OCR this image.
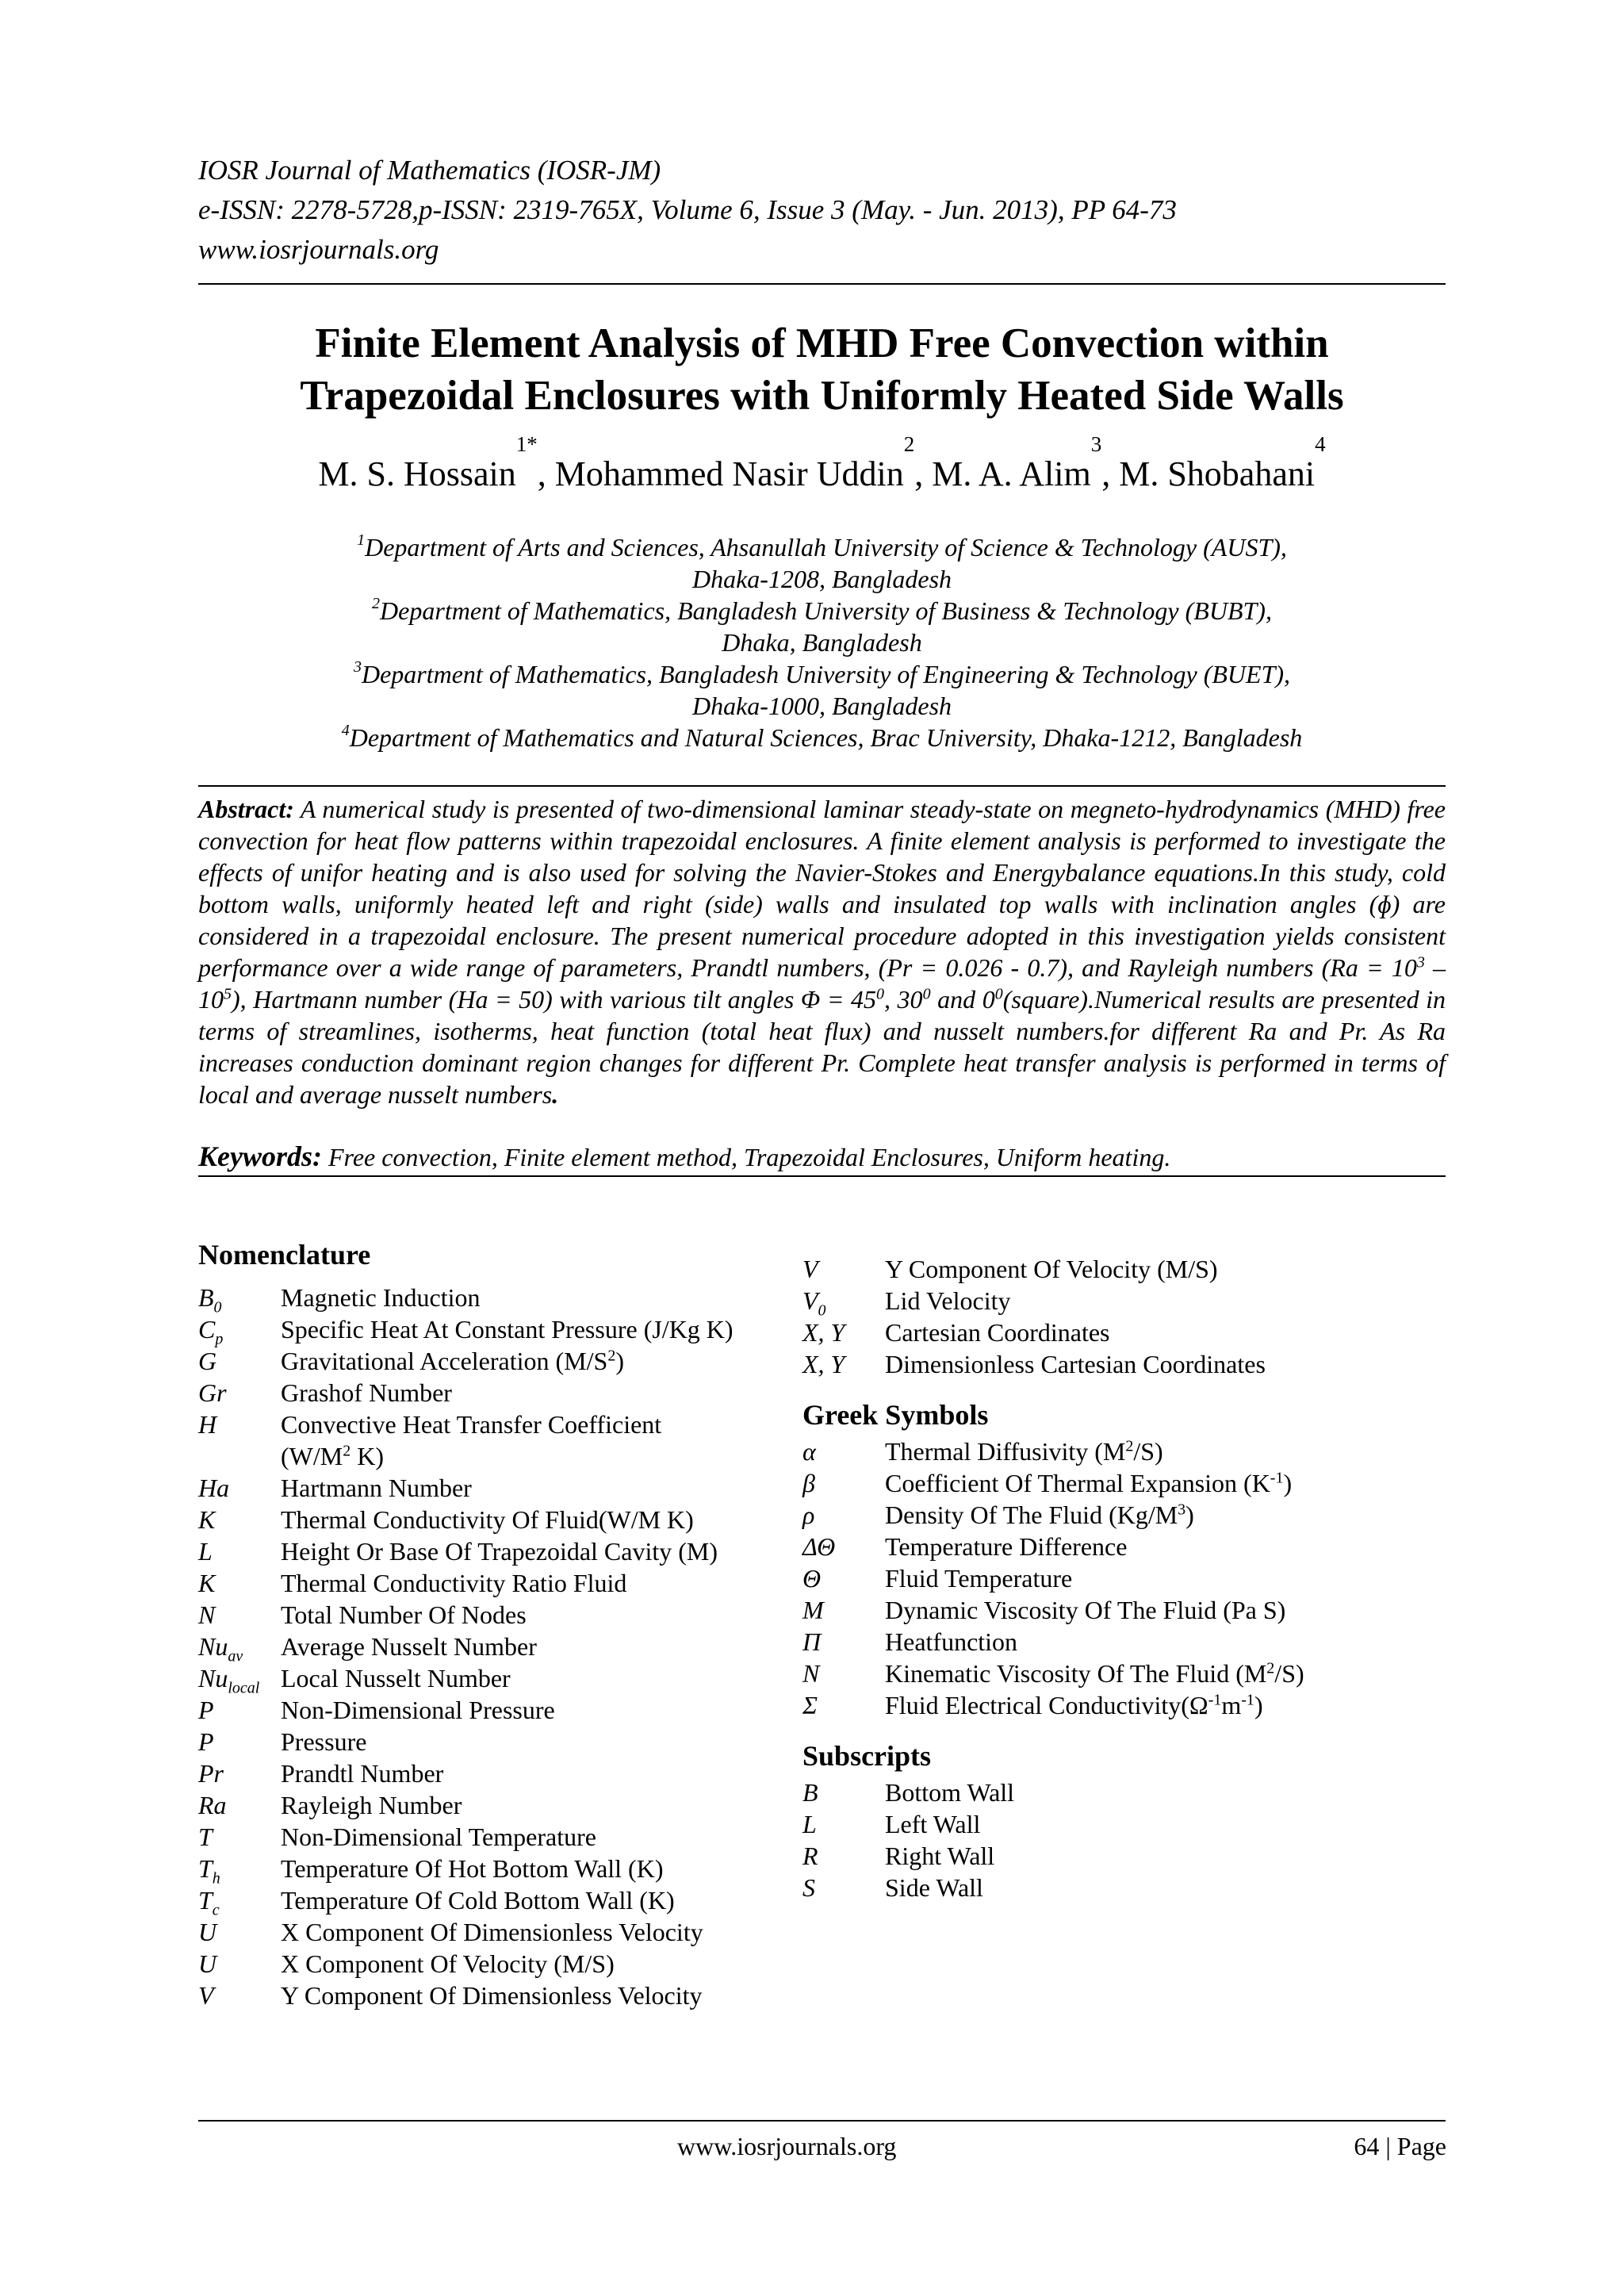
IOSR Journal of Mathematics (IOSR-JM)
e-ISSN: 2278-5728,p-ISSN: 2319-765X, Volume 6, Issue 3 (May. - Jun. 2013), PP 64-73
www.iosrjournals.org
Finite Element Analysis of MHD Free Convection within
Trapezoidal Enclosures with Uniformly Heated Side Walls
M. S. Hossain$^{1*}$, Mohammed Nasir Uddin$^2$, M. A. Alim$^3$, M. Shobahani$^4$
$^1$Department of Arts and Sciences, Ahsanullah University of Science & Technology (AUST),
Dhaka-1208, Bangladesh
$^2$Department of Mathematics, Bangladesh University of Business & Technology (BUBT),
Dhaka, Bangladesh
$^3$Department of Mathematics, Bangladesh University of Engineering & Technology (BUET),
Dhaka-1000, Bangladesh
$^4$Department of Mathematics and Natural Sciences, Brac University, Dhaka-1212, Bangladesh
Abstract: A numerical study is presented of two-dimensional laminar steady-state on megneto-hydrodynamics (MHD) free convection for heat flow patterns within trapezoidal enclosures. A finite element analysis is performed to investigate the effects of unifor heating and is also used for solving the Navier-Stokes and Energybalance equations.In this study, cold bottom walls, uniformly heated left and right (side) walls and insulated top walls with inclination angles (ɸ) are considered in a trapezoidal enclosure. The present numerical procedure adopted in this investigation yields consistent performance over a wide range of parameters, Prandtl numbers, (Pr = 0.026 - 0.7), and Rayleigh numbers $(Ra = 10^3 - 10^5)$, Hartmann number (Ha = 50) with various tilt angles $\Phi = 45^0$, $30^0$ and $0^0(square).Numerical$ results are presented in terms of streamlines, isotherms, heat function (total heat flux) and nusselt numbers.for different Ra and Pr. As Ra increases conduction dominant region changes for different Pr. Complete heat transfer analysis is performed in terms of local and average nusselt numbers.
Keywords: Free convection, Finite element method, Trapezoidal Enclosures, Uniform heating.
Nomenclature
$B_0$ Magnetic Induction
$C_p$ Specific Heat At Constant Pressure (J/Kg K)
G	Gravitational Acceleration $(M/S^2)$
Gr Grashof Number
H	Convective Heat Transfer Coefficient
($W/M^2$ K)
Ha Hartmann Number
K	Thermal Conductivity Of Fluid(W/M K)
L	Height Or Base Of Trapezoidal Cavity (M)
K	Thermal Conductivity Ratio Fluid
N	Total Number Of Nodes
$Nu_{av}$ Average Nusselt Number
$Nu_{local}$ Local Nusselt Number
P	Non-Dimensional Pressure
P	Pressure
Pr Prandtl Number
Ra Rayleigh Number
T	Non-Dimensional Temperature
$T_h$ Temperature Of Hot Bottom Wall (K)
$T_c$ Temperature Of Cold Bottom Wall (K)
U	X Component Of Dimensionless Velocity
U	X Component Of Velocity (M/S)
V	Y Component Of Dimensionless Velocity
V	Y Component Of Velocity (M/S)
$V_0$ Lid Velocity
X, Y Cartesian Coordinates
X, Y Dimensionless Cartesian Coordinates
Greek Symbols
α	Thermal Diffusivity $(M^2/S)$
β	Coefficient Of Thermal Expansion $(K^{-1})$
ρ	Density Of The Fluid $(Kg/M^3)$
ΔΘ Temperature Difference
Θ	Fluid Temperature
Μ Dynamic Viscosity Of The Fluid (Pa S)
Π	Heatfunction
Ν	Kinematic Viscosity Of The Fluid $(M^2/S)$
Σ	Fluid Electrical $Conductivity(\Omega^{-1}m^{-1})$
Subscripts
B	Bottom Wall
L	Left Wall
R	Right Wall
S	Side Wall
www.iosrjournals.org	64 | Page
